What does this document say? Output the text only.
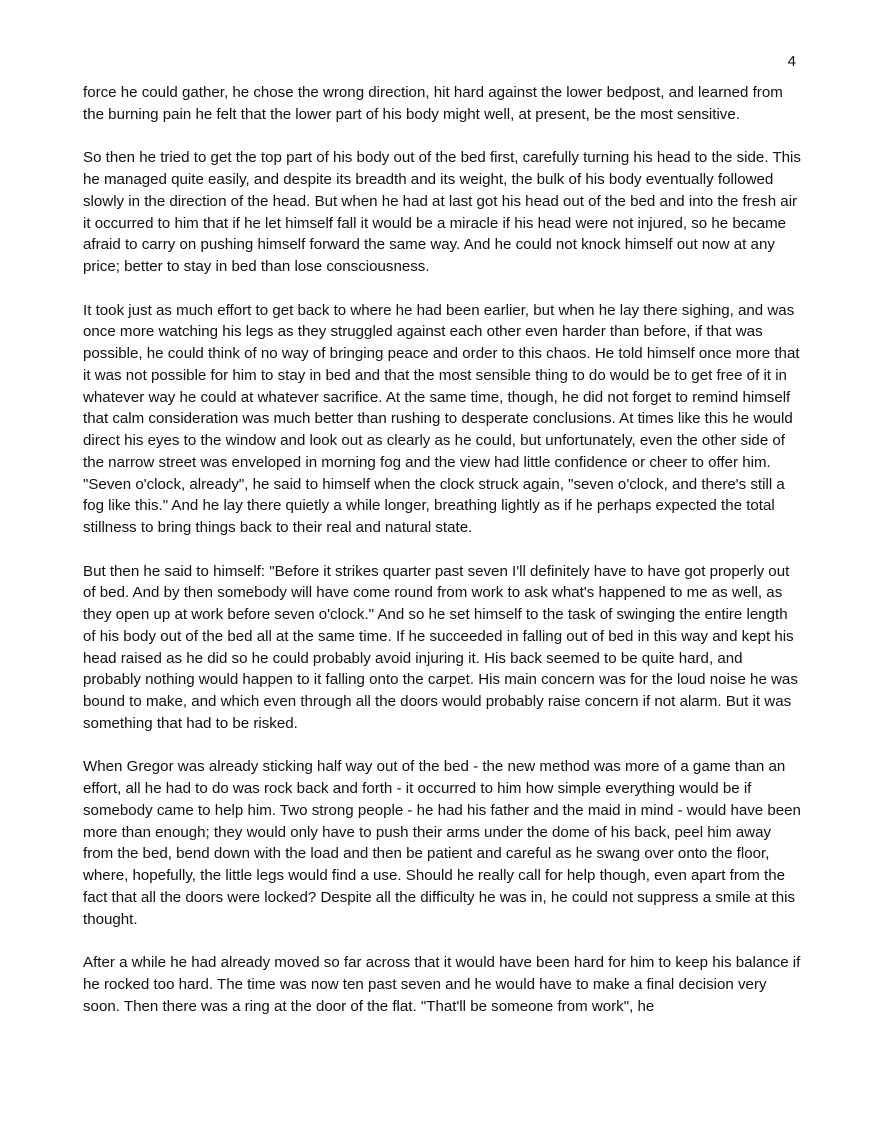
4

force he could gather, he chose the wrong direction, hit hard against the lower bedpost, and learned from the burning pain he felt that the lower part of his body might well, at present, be the most sensitive.

So then he tried to get the top part of his body out of the bed first, carefully turning his head to the side. This he managed quite easily, and despite its breadth and its weight, the bulk of his body eventually followed slowly in the direction of the head. But when he had at last got his head out of the bed and into the fresh air it occurred to him that if he let himself fall it would be a miracle if his head were not injured, so he became afraid to carry on pushing himself forward the same way. And he could not knock himself out now at any price; better to stay in bed than lose consciousness.

It took just as much effort to get back to where he had been earlier, but when he lay there sighing, and was once more watching his legs as they struggled against each other even harder than before, if that was possible, he could think of no way of bringing peace and order to this chaos. He told himself once more that it was not possible for him to stay in bed and that the most sensible thing to do would be to get free of it in whatever way he could at whatever sacrifice. At the same time, though, he did not forget to remind himself that calm consideration was much better than rushing to desperate conclusions. At times like this he would direct his eyes to the window and look out as clearly as he could, but unfortunately, even the other side of the narrow street was enveloped in morning fog and the view had little confidence or cheer to offer him. "Seven o'clock, already", he said to himself when the clock struck again, "seven o'clock, and there's still a fog like this." And he lay there quietly a while longer, breathing lightly as if he perhaps expected the total stillness to bring things back to their real and natural state.

But then he said to himself: "Before it strikes quarter past seven I'll definitely have to have got properly out of bed. And by then somebody will have come round from work to ask what's happened to me as well, as they open up at work before seven o'clock." And so he set himself to the task of swinging the entire length of his body out of the bed all at the same time. If he succeeded in falling out of bed in this way and kept his head raised as he did so he could probably avoid injuring it. His back seemed to be quite hard, and probably nothing would happen to it falling onto the carpet. His main concern was for the loud noise he was bound to make, and which even through all the doors would probably raise concern if not alarm. But it was something that had to be risked.

When Gregor was already sticking half way out of the bed - the new method was more of a game than an effort, all he had to do was rock back and forth - it occurred to him how simple everything would be if somebody came to help him. Two strong people - he had his father and the maid in mind - would have been more than enough; they would only have to push their arms under the dome of his back, peel him away from the bed, bend down with the load and then be patient and careful as he swang over onto the floor, where, hopefully, the little legs would find a use. Should he really call for help though, even apart from the fact that all the doors were locked? Despite all the difficulty he was in, he could not suppress a smile at this thought.

After a while he had already moved so far across that it would have been hard for him to keep his balance if he rocked too hard. The time was now ten past seven and he would have to make a final decision very soon. Then there was a ring at the door of the flat. "That'll be someone from work", he
